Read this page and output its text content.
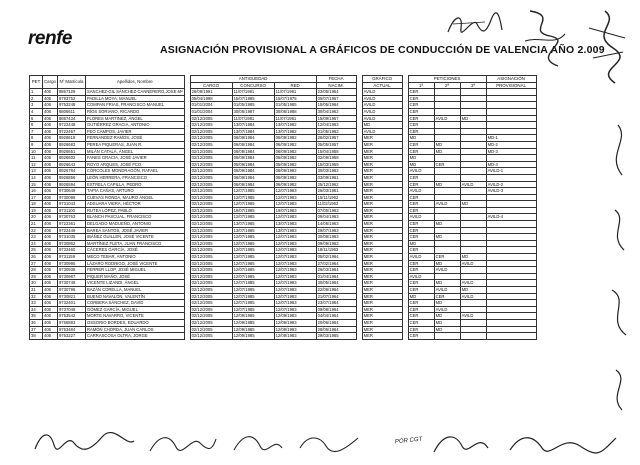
renfe
ASIGNACIÓN PROVISIONAL A GRÁFICOS DE CONDUCCIÓN DE VALENCIA AÑO 2.009
POR CGT
PET	Cargo	Nº Matrícula	Apellidos, Nombre		ANTIGUEDAD			FECHA		GRÁFICO		PETICIONES			ASIGNACIÓN
					CARGO	CONCURSO	RED	NACIM.		ACTUAL		1ª	2ª	3ª	PROVISIONAL
1	406	8867129	SANCHEZ-GIL SÁNCHEZ-CANNERERO,JOSE Mª		26/09/1991	11/07/1981	11/07/1981	23/05/1954		AVILD		CER			
2	406	9793752	PADILLA MOYA, MANUEL		05/04/1998	15/07/1985	15/07/1975	05/07/1957		AVILD		CER			
3	406	9753248	COMPAN FRIAS, FRANCISCO MANUEL		01/01/2004	01/05/1985	01/05/1985	15/05/1964		AVILD		CER			
4	406	8806611	RÍOS SORIANO, RICARDO		01/01/2004	30/06/1987	30/06/1988	30/04/1962		AVILD		CER			
5	406	8867434	FLORES MARTINEZ, ÁNGEL		02/12/2005	11/07/1981	11/07/1981	15/09/1957		AVILD		CER	AVILD	MD	
6	406	9722448	GUTIÉRREZ GRACIA, ANTONIO		02/12/2005	13/07/1984	13/07/1982	12/04/1963		MD		CER			
7	406	9722457	FEO CAMPOS, JAVIER		02/12/2005	13/07/1984	13/07/1982	01/05/1963		AVILD		CER			
8	406	8926618	FERNANDEZ RAMOS, JOSÉ		02/12/2005	06/09/1984	06/09/1982	26/02/1957		MER		MD			MD-1
9	406	8926683	PEREA PIQUERAS, JUAN R.		02/12/2005	06/09/1984	06/09/1982	05/05/1957		MER		CER	MD		MD-2
10	406	8926651	MILÁN CATALÁ, ÁNGEL		02/12/2005	06/09/1984	06/09/1982	15/04/1958		MER		CER	MD		MD-3
11	406	8926602	FANES GRACIA, JOSÉ JAVIER		02/12/2005	06/09/1984	06/09/1982	02/09/1958		MER		MD			
12	406	8926643	ROYO ARQUES, JOSÉ FCO.		02/12/2005	05/09/1984	05/09/1982	15/03/1959		MER		MD	CER		MD-4
13	406	8926784	CÓRCOLES MONDRAGÓN, RAFAEL		02/12/2005	06/09/1984	06/09/1982	30/03/1962		MER		AVILD			AVILD-1
14	406	8926856	LEÓN HERRERA, FRANCISCO		02/12/2005	06/09/1984	06/09/1982	03/09/1961		MER		CER			
15	406	8926594	ESTRELA CAPILLA, PEDRO		02/12/2005	06/09/1984	06/09/1982	25/12/1962		MER		CER	MD	AVILD	AVILD-2
16	406	9730649	TAPIA CAÑAS, ARTURO		02/12/2005	12/07/1985	12/07/1983	26/03/1961		MER		AVILD			AVILD-3
17	406	9730096	CUEVAS RONDA, MAURO ÁNGEL		02/12/2005	12/07/1985	12/07/1983	15/11/1962		MER		CER			
18	406	9731043	ADSUARA VIERA, HÉCTOR		02/12/2005	12/07/1985	12/07/1983	11/02/1963		MER		CER	AVILD	MD	
19	406	9731100	RUTEA LÓPEZ, PABLO		02/12/2005	19/07/1985	19/07/1983	07/05/1963		MER		CER			
20	406	9730763	BLANCH PASCUAL, FRANCISCO		02/12/2005	12/07/1985	12/07/1983	09/04/1963		MER		AVILD			AVILD-4
21	406	9722361	DELGADO MADUEÑO, ANTONIO		02/12/2005	13/07/1985	13/07/1983	14/06/1963		MER		CER	MD		
22	406	9722449	BAREA SANTOS, JOSÉ JAVIER		02/12/2005	13/07/1985	13/07/1983	29/07/1963		MER		CER			
23	406	9731035	IBÁÑEZ GUILLEN, JOSÉ VICENTE		02/12/2005	12/07/1985	12/07/1983	30/08/1963		MER		CER	MD		
24	406	9730862	MARTÍNEZ FLETA, JUAN FRANCISCO		02/12/2005	12/07/1985	12/07/1983	09/09/1963		MER		MD			
25	406	9733460	CÁCERES GARCÍA, JOSÉ		02/12/2005	12/07/1985	12/07/1983	18/11/1963		MER		CER			
26	406	9731159	MECO TEBAR, ANTONIO		02/12/2005	12/07/1985	12/07/1983	05/02/1964		MER		AVILD	CER	MD	
27	406	9730995	LÁZARO RODRIGO, JOSÉ VICENTE		02/12/2005	12/07/1985	12/07/1983	27/02/1964		MER		CER	MD	AVILD	
28	406	9730938	FERRER LLOP, JOSÉ MIGUEL		02/12/2005	12/07/1985	12/07/1983	26/03/1964		MER		CER	AVILD		
29	406	9730987	PIQUER MAÑO, JOSÉ		02/12/2005	12/07/1985	12/07/1983	01/04/1964		MER		AVILD			
30	406	9730748	VICENTE LIZANDI, ÁNGEL		02/12/2005	12/07/1985	12/07/1983	30/05/1964		MER		CER	MD	AVILD	
31	406	9730796	BAZÁN CORELLA, MANUEL		02/12/2005	12/07/1985	12/07/1983	22/06/1964		MER		CER	AVILD	MD	
32	406	9730821	BUENO NAVALÓN, VALENTÍN		02/12/2005	12/07/1985	12/07/1983	21/07/1964		MER		MD	CER	AVILD	
33	406	9732401	CORBERA SÁNCHEZ, DAVID		02/12/2005	12/07/1985	12/07/1983	23/07/1964		MER		CER	MD		
34	406	9737048	GÓMEZ GARCÍA, MIGUEL		02/12/2005	12/07/1985	12/07/1983	09/08/1964		MER		CER	AVILD		
35	406	9753542	MORTE NAVARRO, VICENTE		02/12/2005	12/09/1985	12/09/1983	04/04/1964		MER		CER	MD	AVILD	
36	406	9756883	OSSORIO BORDES, EDUARDO		02/12/2005	12/09/1985	12/09/1983	20/06/1964		MER		CER	MD		
37	406	9753484	RAMÓN CHORDA, JUAN CARLOS		02/12/2005	12/09/1985	12/09/1983	28/06/1964		MER		CER	MD		
38	406	9753227	CARRASCOSA OLTRA, JORGE		02/12/2005	12/09/1985	12/09/1983	29/03/1965		MER		CER			
